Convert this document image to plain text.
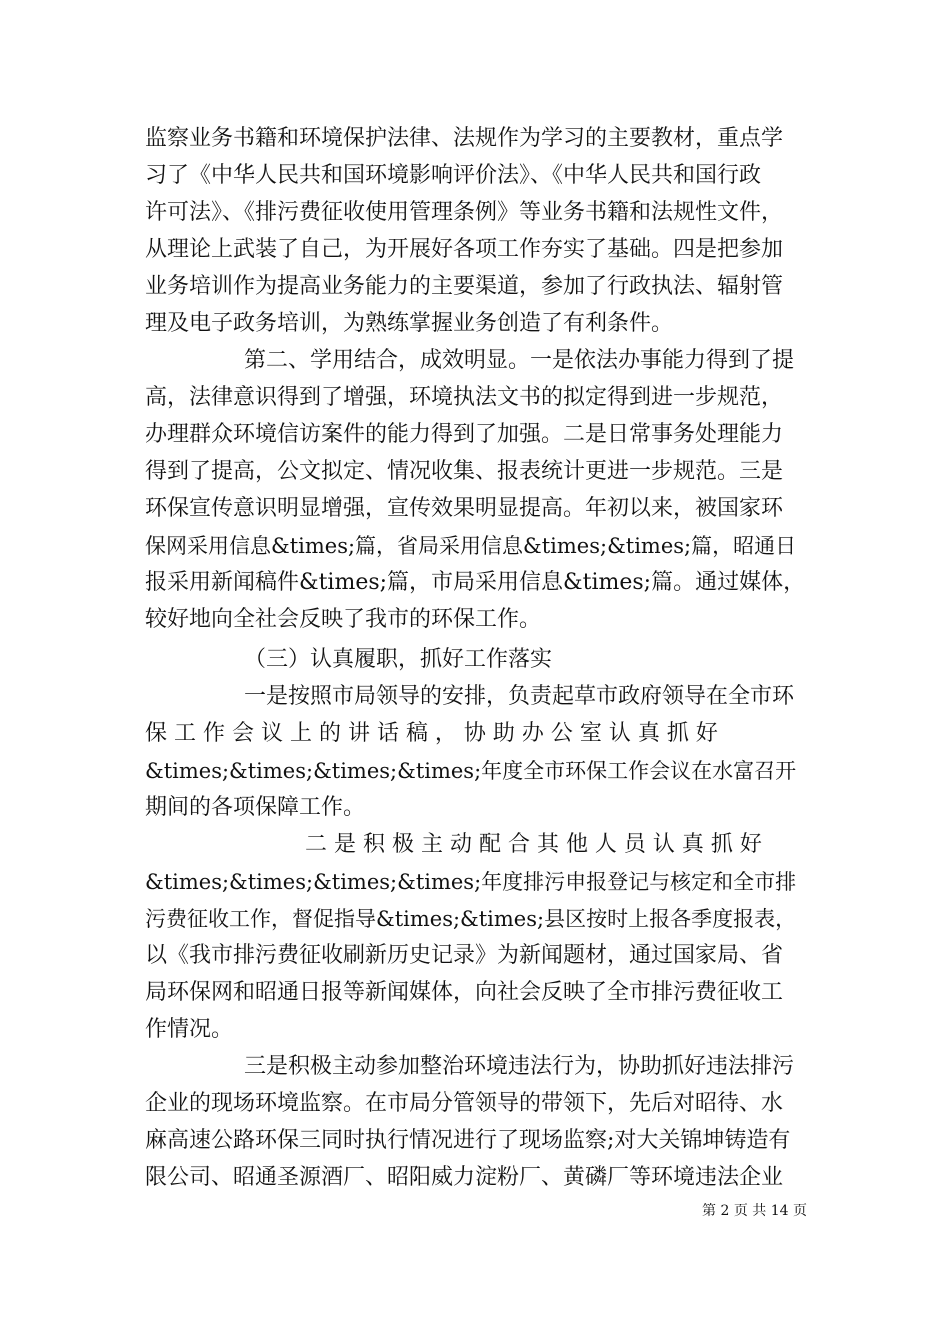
监察业务书籍和环境保护法律、法规作为学习的主要教材，重点学
习了《中华人民共和国环境影响评价法》、《中华人民共和国行政
许可法》、《排污费征收使用管理条例》等业务书籍和法规性文件，
从理论上武装了自己，为开展好各项工作夯实了基础。四是把参加
业务培训作为提高业务能力的主要渠道，参加了行政执法、辐射管
理及电子政务培训，为熟练掌握业务创造了有利条件。
第二、学用结合，成效明显。一是依法办事能力得到了提
高，法律意识得到了增强，环境执法文书的拟定得到进一步规范，
办理群众环境信访案件的能力得到了加强。二是日常事务处理能力
得到了提高，公文拟定、情况收集、报表统计更进一步规范。三是
环保宣传意识明显增强，宣传效果明显提高。年初以来，被国家环
保网采用信息&times;篇，省局采用信息&times;&times;篇，昭通日
报采用新闻稿件&times;篇，市局采用信息&times;篇。通过媒体，
较好地向全社会反映了我市的环保工作。
（三）认真履职，抓好工作落实
一是按照市局领导的安排，负责起草市政府领导在全市环
保 工 作 会 议 上 的 讲 话 稿 ， 协 助 办 公 室 认 真 抓 好
&times;&times;&times;&times;年度全市环保工作会议在水富召开
期间的各项保障工作。
二 是 积 极 主 动 配 合 其 他 人 员 认 真 抓 好
&times;&times;&times;&times;年度排污申报登记与核定和全市排
污费征收工作，督促指导&times;&times;县区按时上报各季度报表，
以《我市排污费征收刷新历史记录》为新闻题材，通过国家局、省
局环保网和昭通日报等新闻媒体，向社会反映了全市排污费征收工
作情况。
三是积极主动参加整治环境违法行为，协助抓好违法排污
企业的现场环境监察。在市局分管领导的带领下，先后对昭待、水
麻高速公路环保三同时执行情况进行了现场监察;对大关锦坤铸造有
限公司、昭通圣源酒厂、昭阳威力淀粉厂、黄磷厂等环境违法企业
第 2 页 共 14 页
